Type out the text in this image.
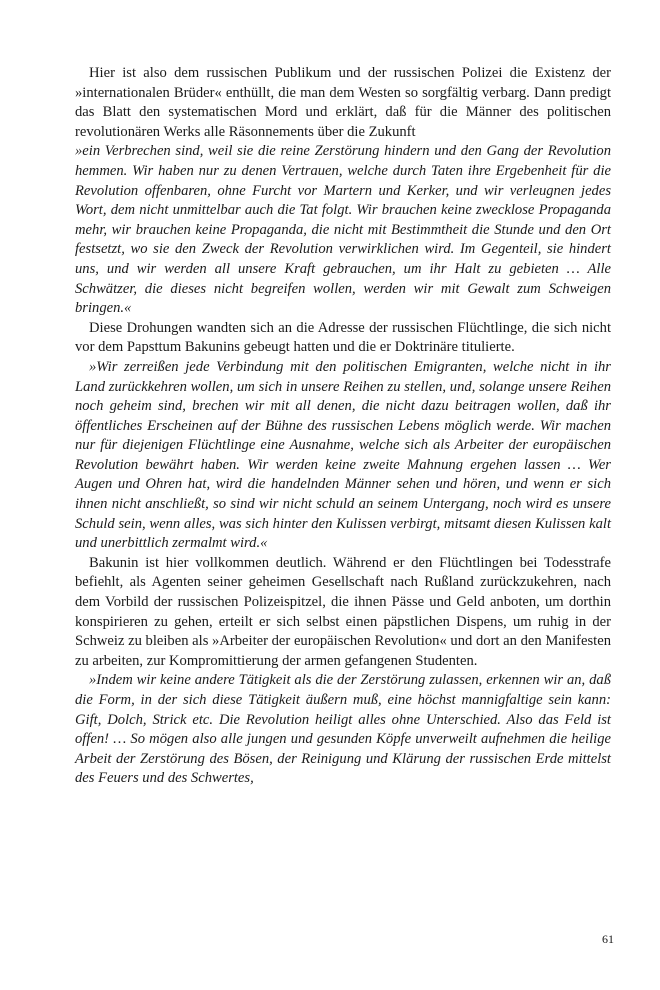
Hier ist also dem russischen Publikum und der russischen Polizei die Existenz der »internationalen Brüder« enthüllt, die man dem Westen so sorgfältig verbarg. Dann predigt das Blatt den systematischen Mord und erklärt, daß für die Männer des politischen revolutionären Werks alle Räsonnements über die Zukunft

»ein Verbrechen sind, weil sie die reine Zerstörung hindern und den Gang der Revolution hemmen. Wir haben nur zu denen Vertrauen, welche durch Taten ihre Ergebenheit für die Revolution offenbaren, ohne Furcht vor Martern und Kerker, und wir verleugnen jedes Wort, dem nicht unmittelbar auch die Tat folgt. Wir brauchen keine zwecklose Propaganda mehr, wir brauchen keine Propaganda, die nicht mit Bestimmtheit die Stunde und den Ort festsetzt, wo sie den Zweck der Revolution verwirklichen wird. Im Gegenteil, sie hindert uns, und wir werden all unsere Kraft gebrauchen, um ihr Halt zu gebieten … Alle Schwätzer, die dieses nicht begreifen wollen, werden wir mit Gewalt zum Schweigen bringen.«

Diese Drohungen wandten sich an die Adresse der russischen Flüchtlinge, die sich nicht vor dem Papsttum Bakunins gebeugt hatten und die er Doktrinäre titulierte.

»Wir zerreißen jede Verbindung mit den politischen Emigranten, welche nicht in ihr Land zurückkehren wollen, um sich in unsere Reihen zu stellen, und, solange unsere Reihen noch geheim sind, brechen wir mit all denen, die nicht dazu beitragen wollen, daß ihr öffentliches Erscheinen auf der Bühne des russischen Lebens möglich werde. Wir machen nur für diejenigen Flüchtlinge eine Ausnahme, welche sich als Arbeiter der europäischen Revolution bewährt haben. Wir werden keine zweite Mahnung ergehen lassen … Wer Augen und Ohren hat, wird die handelnden Männer sehen und hören, und wenn er sich ihnen nicht anschließt, so sind wir nicht schuld an seinem Untergang, noch wird es unsere Schuld sein, wenn alles, was sich hinter den Kulissen verbirgt, mitsamt diesen Kulissen kalt und unerbittlich zermalmt wird.«

Bakunin ist hier vollkommen deutlich. Während er den Flüchtlingen bei Todesstrafe befiehlt, als Agenten seiner geheimen Gesellschaft nach Rußland zurückzukehren, nach dem Vorbild der russischen Polizeispitzel, die ihnen Pässe und Geld anboten, um dorthin konspirieren zu gehen, erteilt er sich selbst einen päpstlichen Dispens, um ruhig in der Schweiz zu bleiben als »Arbeiter der europäischen Revolution« und dort an den Manifesten zu arbeiten, zur Kompromittierung der armen gefangenen Studenten.

»Indem wir keine andere Tätigkeit als die der Zerstörung zulassen, erkennen wir an, daß die Form, in der sich diese Tätigkeit äußern muß, eine höchst mannigfaltige sein kann: Gift, Dolch, Strick etc. Die Revolution heiligt alles ohne Unterschied. Also das Feld ist offen! … So mögen also alle jungen und gesunden Köpfe unverweilt aufnehmen die heilige Arbeit der Zerstörung des Bösen, der Reinigung und Klärung der russischen Erde mittelst des Feuers und des Schwertes,

61
